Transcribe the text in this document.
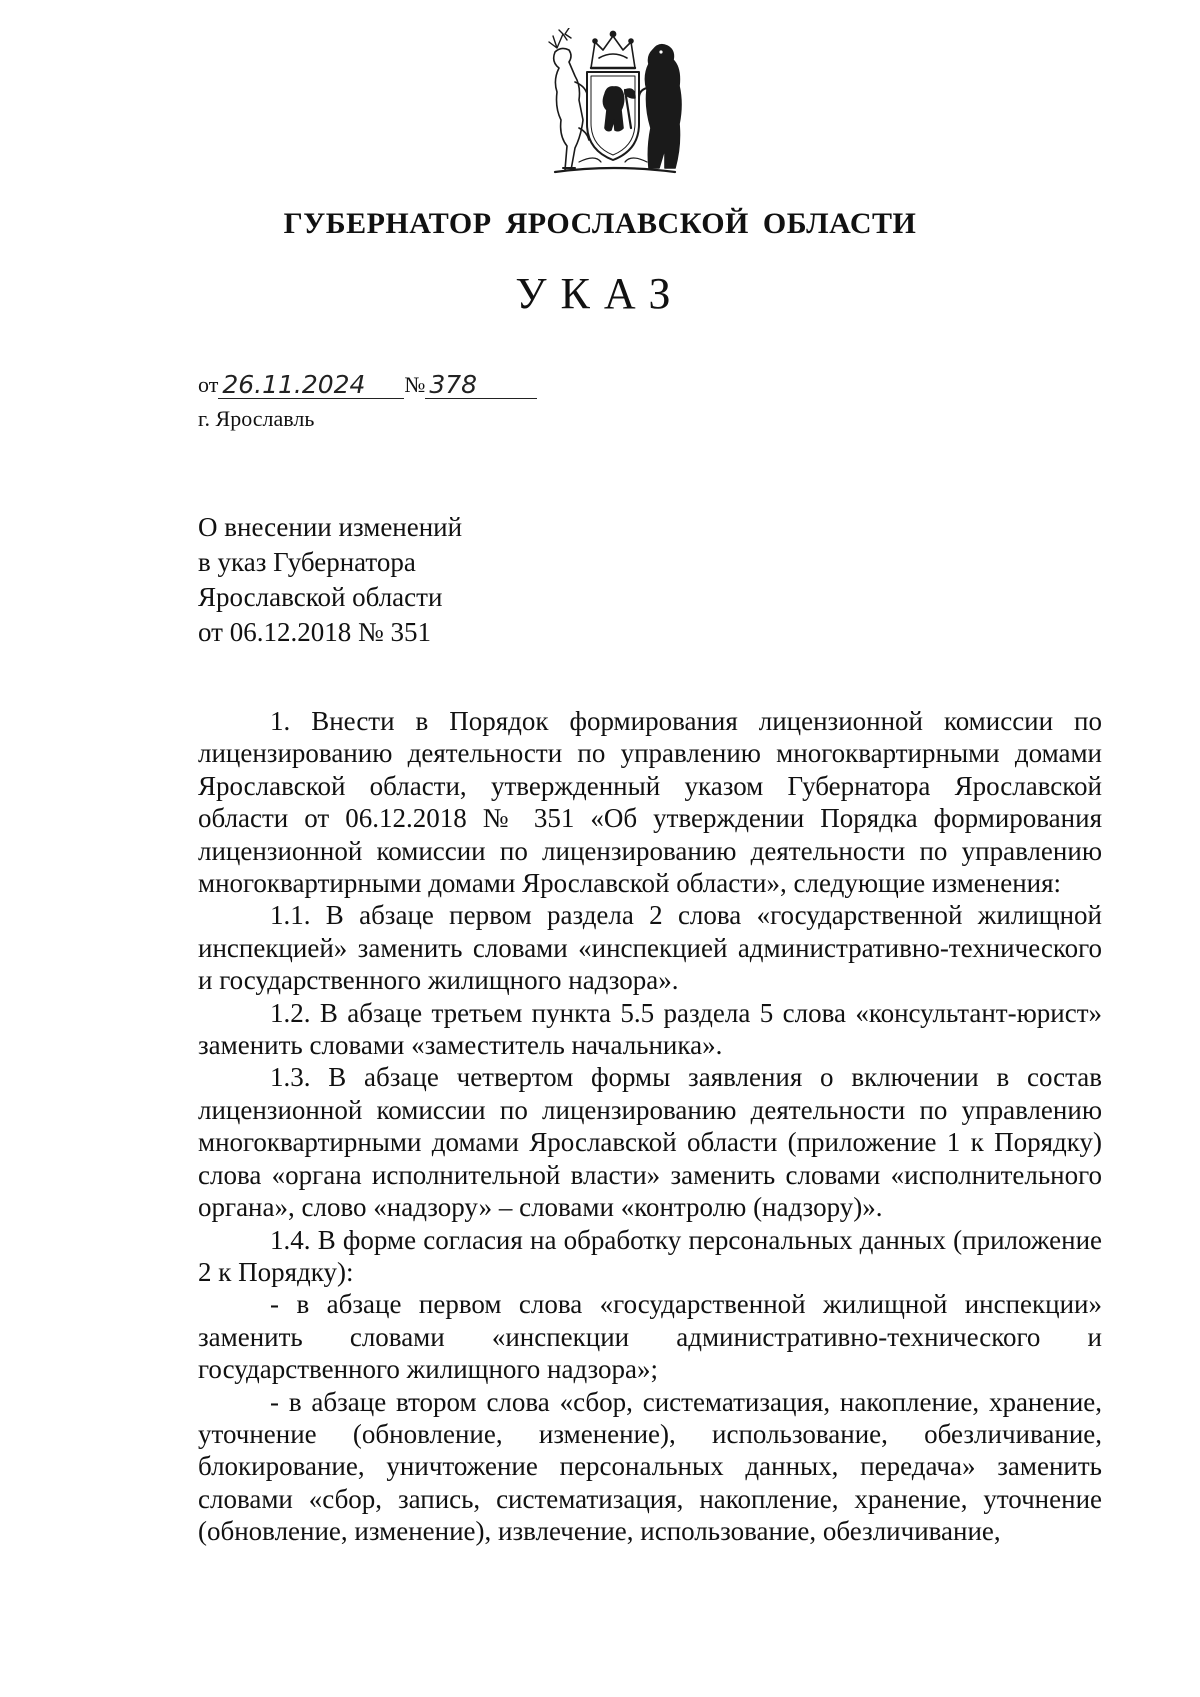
ГУБЕРНАТОР ЯРОСЛАВСКОЙ ОБЛАСТИ
УКАЗ
от 26.11.2024	№ 378
г. Ярославль
О внесении изменений
в указ Губернатора
Ярославской области
от 06.12.2018 № 351

1. Внести в Порядок формирования лицензионной комиссии по лицензированию деятельности по управлению многоквартирными домами Ярославской области, утвержденный указом Губернатора Ярославской области от 06.12.2018 № 351 «Об утверждении Порядка формирования лицензионной комиссии по лицензированию деятельности по управлению многоквартирными домами Ярославской области», следующие изменения:

1.1. В абзаце первом раздела 2 слова «государственной жилищной инспекцией» заменить словами «инспекцией административно-технического и государственного жилищного надзора».

1.2. В абзаце третьем пункта 5.5 раздела 5 слова «консультант-юрист» заменить словами «заместитель начальника».

1.3. В абзаце четвертом формы заявления о включении в состав лицензионной комиссии по лицензированию деятельности по управлению многоквартирными домами Ярославской области (приложение 1 к Порядку) слова «органа исполнительной власти» заменить словами «исполнительного органа», слово «надзору» – словами «контролю (надзору)».

1.4. В форме согласия на обработку персональных данных (приложение 2 к Порядку):

- в абзаце первом слова «государственной жилищной инспекции» заменить словами «инспекции административно-технического и государственного жилищного надзора»;

- в абзаце втором слова «сбор, систематизация, накопление, хранение, уточнение (обновление, изменение), использование, обезличивание, блокирование, уничтожение персональных данных, передача» заменить словами «сбор, запись, систематизация, накопление, хранение, уточнение (обновление, изменение), извлечение, использование, обезличивание,
